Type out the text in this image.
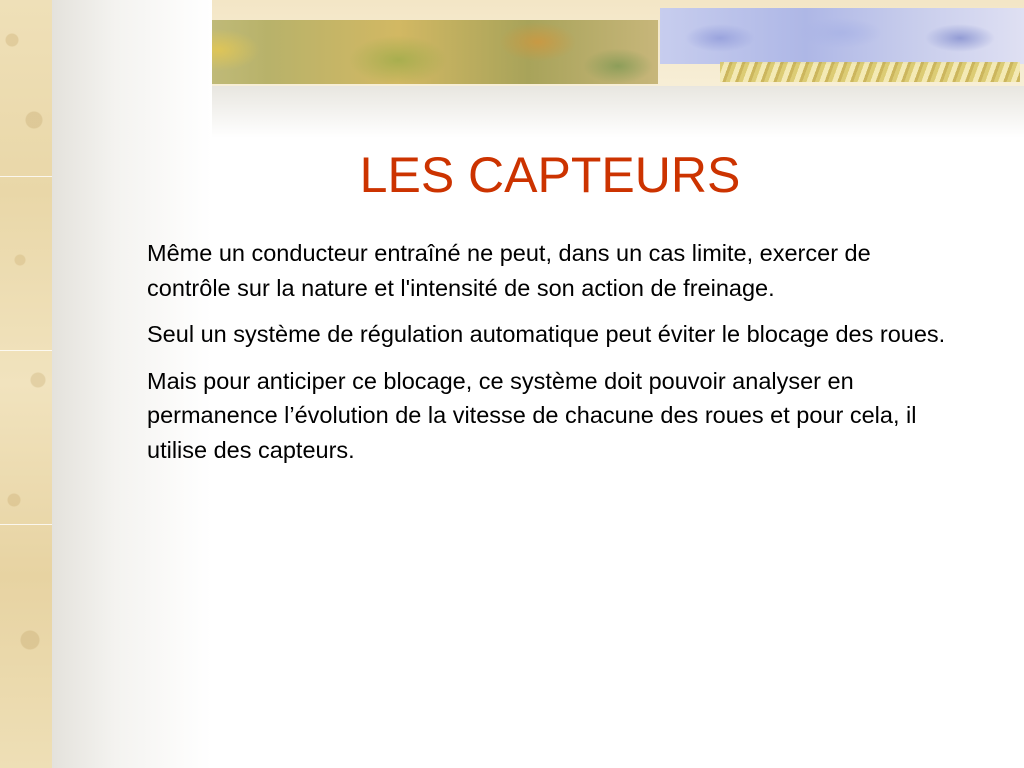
LES CAPTEURS

Même un conducteur entraîné ne peut, dans un cas limite, exercer de contrôle sur la nature et l'intensité de son action de freinage.

Seul un système de régulation automatique peut éviter le blocage des roues.

Mais pour anticiper ce blocage, ce système doit pouvoir analyser en permanence l’évolution de la vitesse de chacune des roues et pour cela, il utilise des capteurs.
